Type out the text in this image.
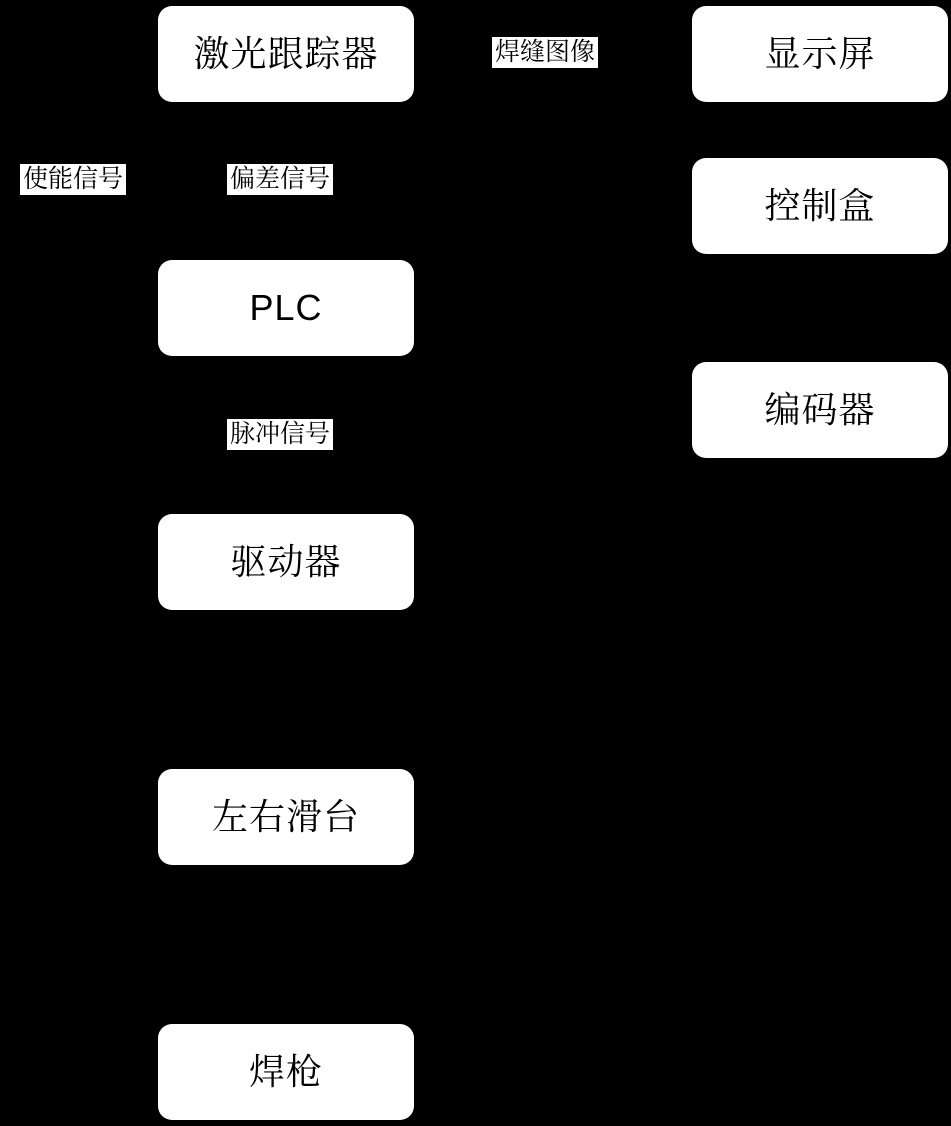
激光跟踪器	显示屏
控制盒
PLC
编码器
驱动器
左右滑台
焊枪
焊缝图像
使能信号	偏差信号
脉冲信号
